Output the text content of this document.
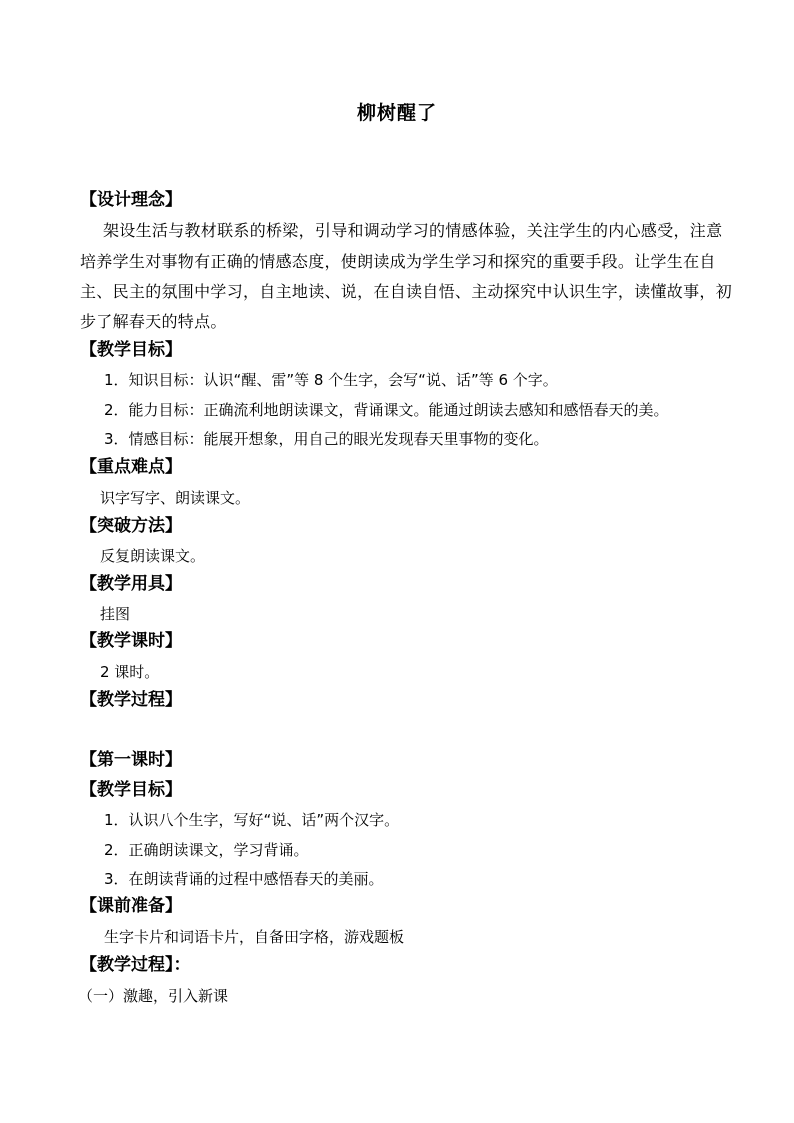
柳树醒了
【设计理念】
架设生活与教材联系的桥梁，引导和调动学习的情感体验，关注学生的内心感受，注意
培养学生对事物有正确的情感态度，使朗读成为学生学习和探究的重要手段。让学生在自
主、民主的氛围中学习，自主地读、说，在自读自悟、主动探究中认识生字，读懂故事，初
步了解春天的特点。
【教学目标】
1．知识目标：认识“醒、雷”等 8 个生字，会写“说、话”等 6 个字。
2．能力目标：正确流利地朗读课文，背诵课文。能通过朗读去感知和感悟春天的美。
3．情感目标：能展开想象，用自己的眼光发现春天里事物的变化。
【重点难点】
识字写字、朗读课文。
【突破方法】
反复朗读课文。
【教学用具】
挂图
【教学课时】
2 课时。
【教学过程】
【第一课时】
【教学目标】
1．认识八个生字，写好“说、话”两个汉字。
2．正确朗读课文，学习背诵。
3．在朗读背诵的过程中感悟春天的美丽。
【课前准备】
生字卡片和词语卡片，自备田字格，游戏题板
【教学过程】：
（一）激趣，引入新课
